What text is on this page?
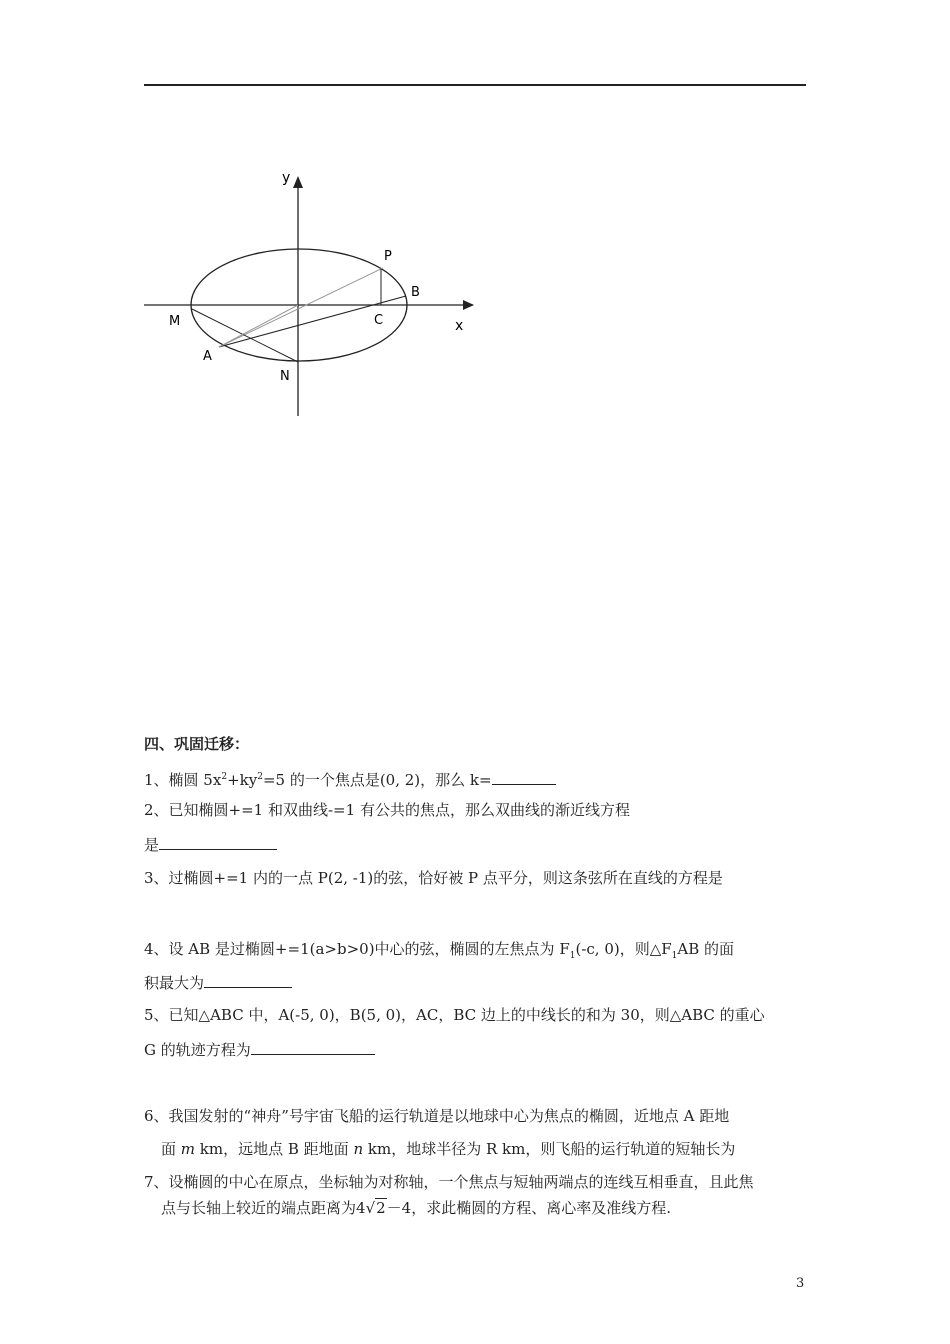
y
P
B
M	C	x
A
N
四、巩固迁移：
1、椭圆 $5x^2+ky^2=5$ 的一个焦点是(0, 2)，那么 k=
2、已知椭圆+=1 和双曲线-=1 有公共的焦点，那么双曲线的渐近线方程
是
3、过椭圆+=1 内的一点 P(2, -1)的弦，恰好被 P 点平分，则这条弦所在直线的方程是
4、设 AB 是过椭圆+=1(a>b>0)中心的弦，椭圆的左焦点为 $F_1(-c$, 0)，则$\triangle F_1AB$ 的面
积最大为
5、已知△ABC 中，A(-5, 0)，B(5, 0)，AC，BC 边上的中线长的和为 30，则△ABC 的重心
G 的轨迹方程为
6、我国发射的“神舟”号宇宙飞船的运行轨道是以地球中心为焦点的椭圆，近地点 A 距地
面 m km，远地点 B 距地面 n km，地球半径为 R km，则飞船的运行轨道的短轴长为
7、设椭圆的中心在原点，坐标轴为对称轴，一个焦点与短轴两端点的连线互相垂直，且此焦
点与长轴上较近的端点距离为4√2－4，求此椭圆的方程、离心率及准线方程.
3
